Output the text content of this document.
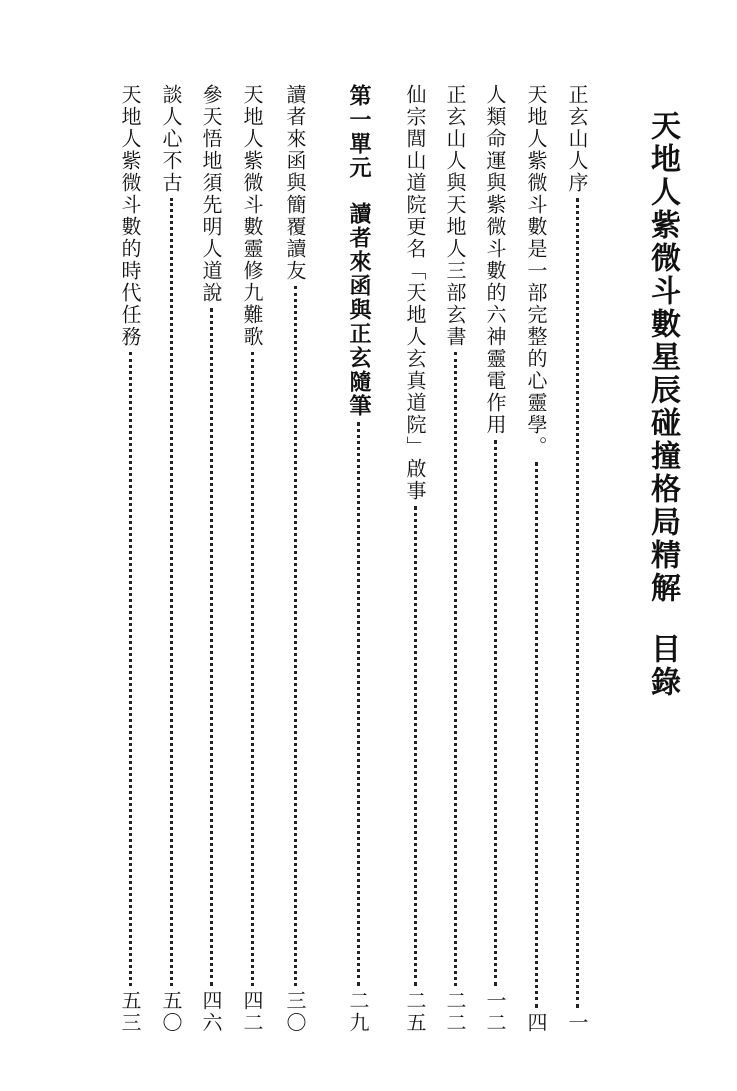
天地人紫微斗數星辰碰撞格局精解目錄
正玄山人序
一
天地人紫微斗數是一部完整的心靈學。
四
人類命運與紫微斗數的六神靈電作用
一二
正玄山人與天地人三部玄書
二二
仙宗閭山道院更名「天地人玄真道院」啟事
二五
第一單元
讀者來函與正玄隨筆
二九
讀者來函與簡覆讀友
三〇
天地人紫微斗數靈修九難歌
四二
參天悟地須先明人道說
四六
談人心不古
五〇
天地人紫微斗數的時代任務
五三
